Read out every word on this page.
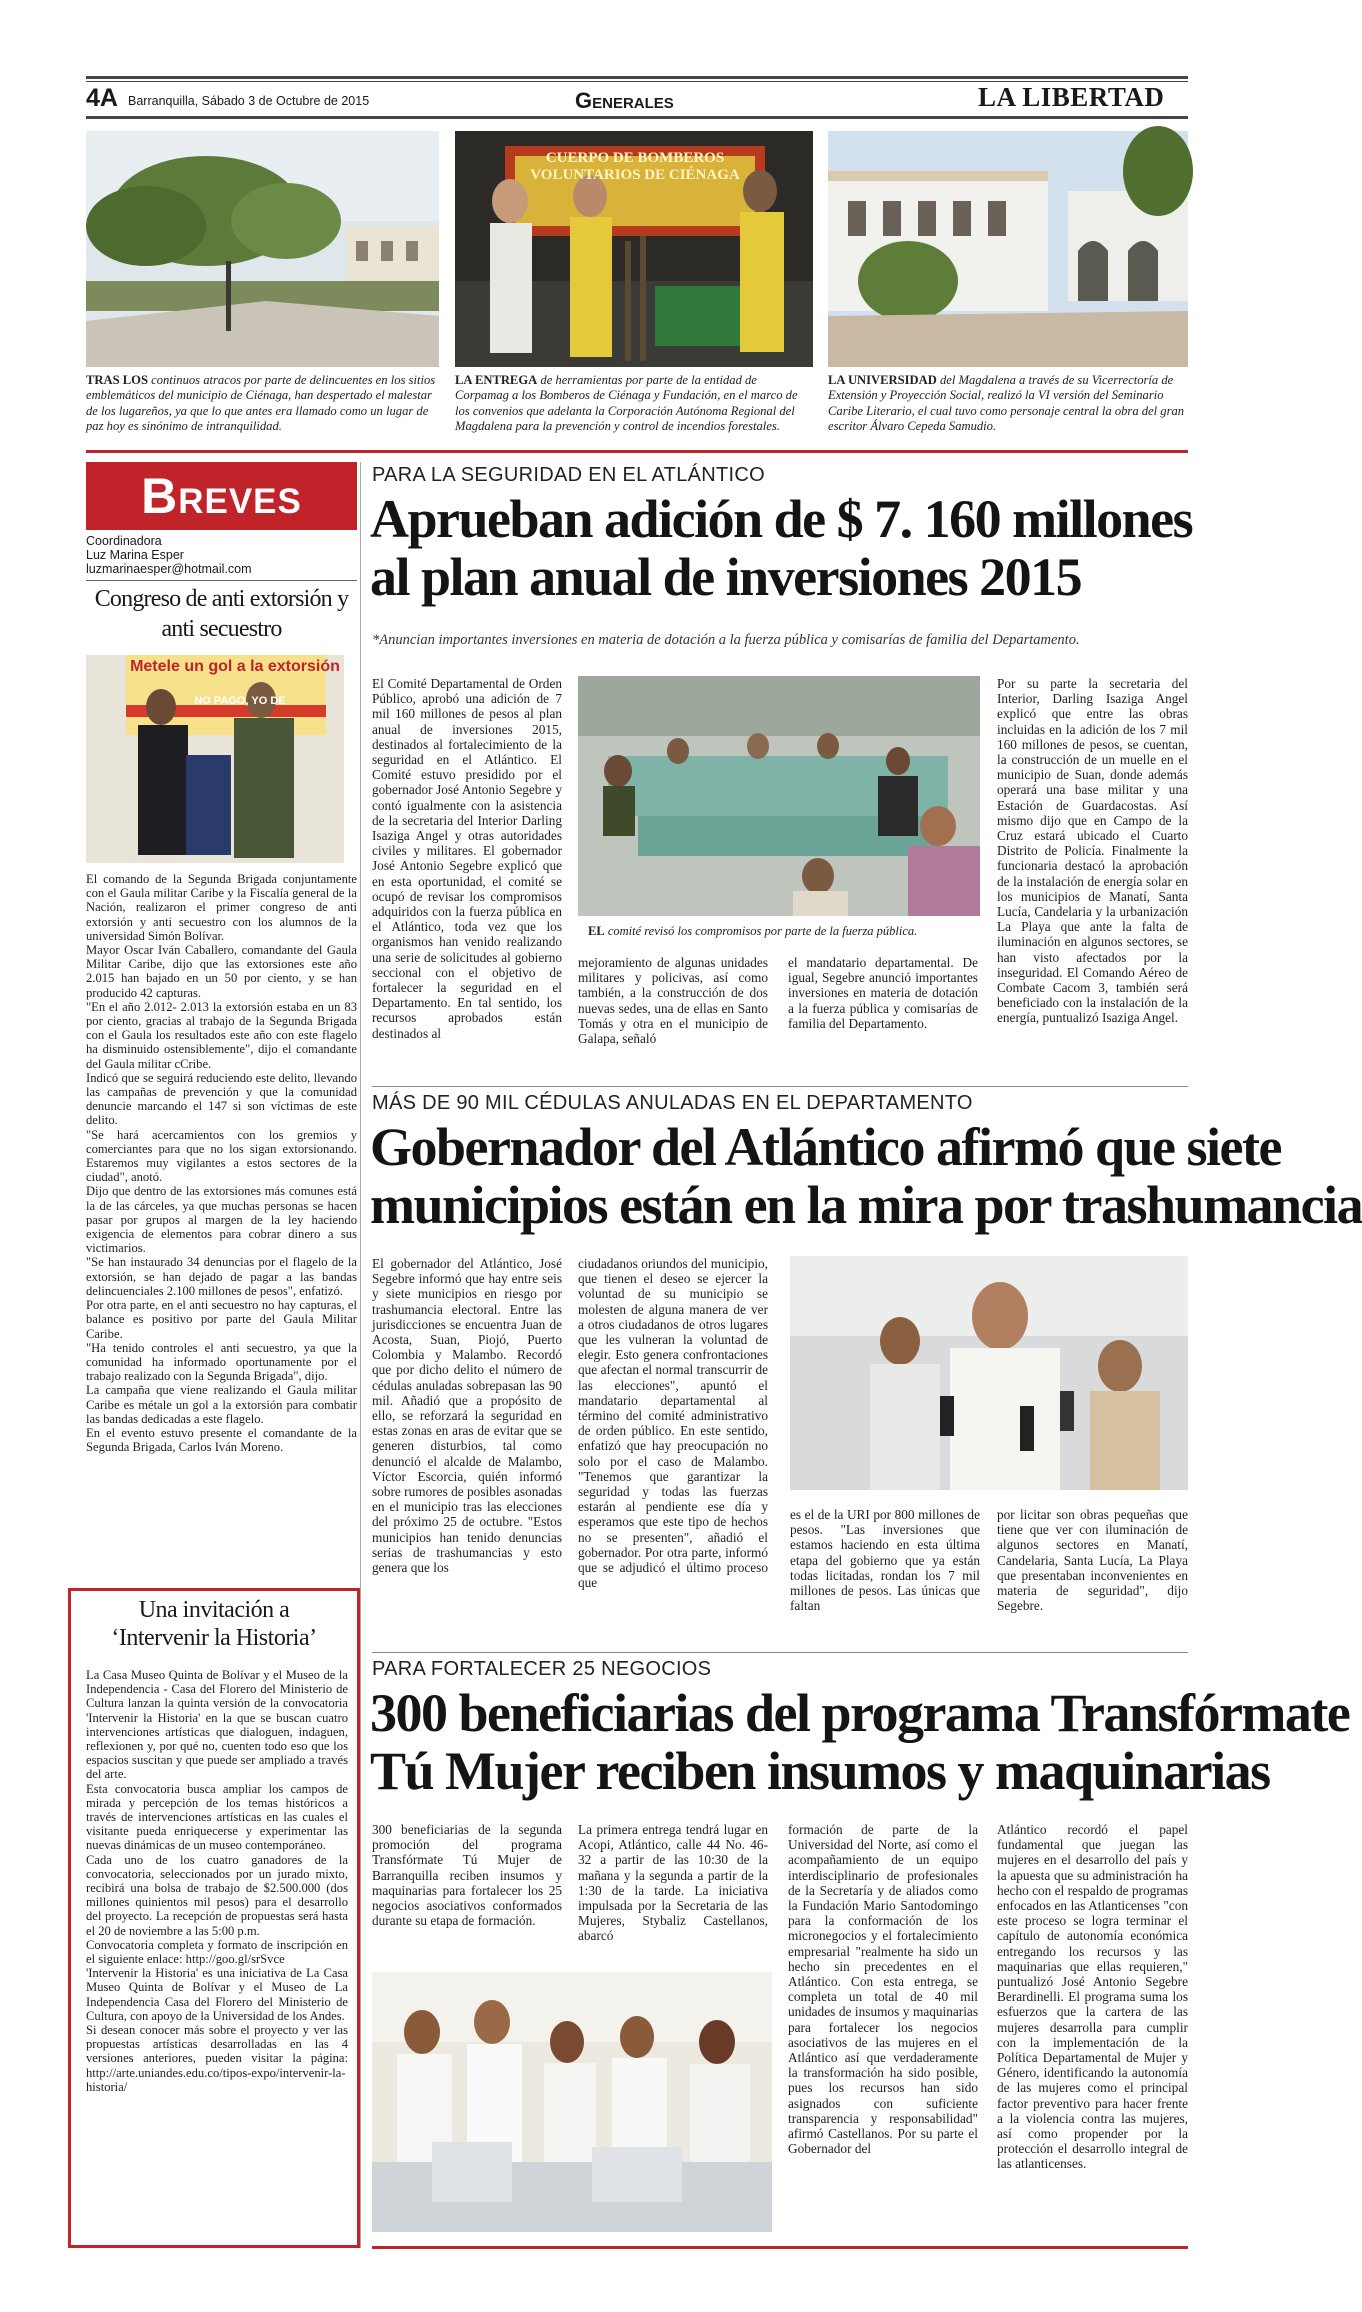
4A Barranquilla, Sábado 3 de Octubre de 2015	Generales	LA LIBERTAD
CUERPO DE BOMBEROS VOLUNTARIOS DE CIÉNAGA
TRAS LOS continuos atracos por parte de delincuentes en los sitios emblemáticos del municipio de Ciénaga, han despertado el malestar de los lugareños, ya que lo que antes era llamado como un lugar de paz hoy es sinónimo de intranquilidad.
LA ENTREGA de herramientas por parte de la entidad de Corpamag a los Bomberos de Ciénaga y Fundación, en el marco de los convenios que adelanta la Corporación Autónoma Regional del Magdalena para la prevención y control de incendios forestales.
LA UNIVERSIDAD del Magdalena a través de su Vicerrectoría de Extensión y Proyección Social, realizó la VI versión del Seminario Caribe Literario, el cual tuvo como personaje central la obra del gran escritor Álvaro Cepeda Samudio.
Breves
Coordinadora
Luz Marina Esper
luzmarinaesper@hotmail.com
Congreso de anti extorsión y anti secuestro
Metele un gol a la extorsión
NO PAGO, YO DE

El comando de la Segunda Brigada conjuntamente con el Gaula militar Caribe y la Fiscalía general de la Nación, realizaron el primer congreso de anti extorsión y anti secuestro con los alumnos de la universidad Simón Bolívar.

Mayor Oscar Iván Caballero, comandante del Gaula Militar Caribe, dijo que las extorsiones este año 2.015 han bajado en un 50 por ciento, y se han producido 42 capturas.

"En el año 2.012- 2.013 la extorsión estaba en un 83 por ciento, gracias al trabajo de la Segunda Brigada con el Gaula los resultados este año con este flagelo ha disminuido ostensiblemente", dijo el comandante del Gaula militar cCribe.

Indicó que se seguirá reduciendo este delito, llevando las campañas de prevención y que la comunidad denuncie marcando el 147 si son víctimas de este delito.

"Se hará acercamientos con los gremios y comerciantes para que no los sigan extorsionando. Estaremos muy vigilantes a estos sectores de la ciudad", anotó.

Dijo que dentro de las extorsiones más comunes está la de las cárceles, ya que muchas personas se hacen pasar por grupos al margen de la ley haciendo exigencia de elementos para cobrar dinero a sus victimarios.

"Se han instaurado 34 denuncias por el flagelo de la extorsión, se han dejado de pagar a las bandas delincuenciales 2.100 millones de pesos", enfatizó.

Por otra parte, en el anti secuestro no hay capturas, el balance es positivo por parte del Gaula Militar Caribe.

"Ha tenido controles el anti secuestro, ya que la comunidad ha informado oportunamente por el trabajo realizado con la Segunda Brigada", dijo.

La campaña que viene realizando el Gaula militar Caribe es métale un gol a la extorsión para combatir las bandas dedicadas a este flagelo.

En el evento estuvo presente el comandante de la Segunda Brigada, Carlos Iván Moreno.

Una invitación a
‘Intervenir la Historia’

La Casa Museo Quinta de Bolívar y el Museo de la Independencia - Casa del Florero del Ministerio de Cultura lanzan la quinta versión de la convocatoria 'Intervenir la Historia' en la que se buscan cuatro intervenciones artísticas que dialoguen, indaguen, reflexionen y, por qué no, cuenten todo eso que los espacios suscitan y que puede ser ampliado a través del arte.

Esta convocatoria busca ampliar los campos de mirada y percepción de los temas históricos a través de intervenciones artísticas en las cuales el visitante pueda enriquecerse y experimentar las nuevas dinámicas de un museo contemporáneo.

Cada uno de los cuatro ganadores de la convocatoria, seleccionados por un jurado mixto, recibirá una bolsa de trabajo de $2.500.000 (dos millones quinientos mil pesos) para el desarrollo del proyecto. La recepción de propuestas será hasta el 20 de noviembre a las 5:00 p.m.

Convocatoria completa y formato de inscripción en el siguiente enlace: http://goo.gl/srSvce

'Intervenir la Historia' es una iniciativa de La Casa Museo Quinta de Bolívar y el Museo de La Independencia Casa del Florero del Ministerio de Cultura, con apoyo de la Universidad de los Andes.

Si desean conocer más sobre el proyecto y ver las propuestas artísticas desarrolladas en las 4 versiones anteriores, pueden visitar la página: http://arte.uniandes.edu.co/tipos-expo/intervenir-la-historia/

PARA LA SEGURIDAD EN EL ATLÁNTICO
Aprueban adición de $ 7. 160 millones
al plan anual de inversiones 2015
*Anuncian importantes inversiones en materia de dotación a la fuerza pública y comisarías de familia del Departamento.
El Comité Departamental de Orden Público, aprobó una adición de 7 mil 160 millones de pesos al plan anual de inversiones 2015, destinados al fortalecimiento de la seguridad en el Atlántico. El Comité estuvo presidido por el gobernador José Antonio Segebre y contó igualmente con la asistencia de la secretaria del Interior Darling Isaziga Angel y otras autoridades civiles y militares. El gobernador José Antonio Segebre explicó que en esta oportunidad, el comité se ocupó de revisar los compromisos adquiridos con la fuerza pública en el Atlántico, toda vez que los organismos han venido realizando una serie de solicitudes al gobierno seccional con el objetivo de fortalecer la seguridad en el Departamento. En tal sentido, los recursos aprobados están destinados al
EL comité revisó los compromisos por parte de la fuerza pública.
mejoramiento de algunas unidades militares y policivas, así como también, a la construcción de dos nuevas sedes, una de ellas en Santo Tomás y otra en el municipio de Galapa, señaló
el mandatario departamental. De igual, Segebre anunció importantes inversiones en materia de dotación a la fuerza pública y comisarías de familia del Departamento.
Por su parte la secretaria del Interior, Darling Isaziga Angel explicó que entre las obras incluidas en la adición de los 7 mil 160 millones de pesos, se cuentan, la construcción de un muelle en el municipio de Suan, donde además operará una base militar y una Estación de Guardacostas. Así mismo dijo que en Campo de la Cruz estará ubicado el Cuarto Distrito de Policía. Finalmente la funcionaria destacó la aprobación de la instalación de energía solar en los municipios de Manatí, Santa Lucía, Candelaria y la urbanización La Playa que ante la falta de iluminación en algunos sectores, se han visto afectados por la inseguridad. El Comando Aéreo de Combate Cacom 3, también será beneficiado con la instalación de la energía, puntualizó Isaziga Angel.
MÁS DE 90 MIL CÉDULAS ANULADAS EN EL DEPARTAMENTO
Gobernador del Atlántico afirmó que siete
municipios están en la mira por trashumancia
El gobernador del Atlántico, José Segebre informó que hay entre seis y siete municipios en riesgo por trashumancia electoral. Entre las jurisdicciones se encuentra Juan de Acosta, Suan, Piojó, Puerto Colombia y Malambo. Recordó que por dicho delito el número de cédulas anuladas sobrepasan las 90 mil. Añadió que a propósito de ello, se reforzará la seguridad en estas zonas en aras de evitar que se generen disturbios, tal como denunció el alcalde de Malambo, Víctor Escorcia, quién informó sobre rumores de posibles asonadas en el municipio tras las elecciones del próximo 25 de octubre. "Estos municipios han tenido denuncias serias de trashumancias y esto genera que los
ciudadanos oriundos del municipio, que tienen el deseo se ejercer la voluntad de su municipio se molesten de alguna manera de ver a otros ciudadanos de otros lugares que les vulneran la voluntad de elegir. Esto genera confrontaciones que afectan el normal transcurrir de las elecciones", apuntó el mandatario departamental al término del comité administrativo de orden público. En este sentido, enfatizó que hay preocupación no solo por el caso de Malambo. "Tenemos que garantizar la seguridad y todas las fuerzas estarán al pendiente ese día y esperamos que este tipo de hechos no se presenten", añadió el gobernador. Por otra parte, informó que se adjudicó el último proceso que
es el de la URI por 800 millones de pesos. "Las inversiones que estamos haciendo en esta última etapa del gobierno que ya están todas licitadas, rondan los 7 mil millones de pesos. Las únicas que faltan
por licitar son obras pequeñas que tiene que ver con iluminación de algunos sectores en Manatí, Candelaria, Santa Lucía, La Playa que presentaban inconvenientes en materia de seguridad", dijo Segebre.
PARA FORTALECER 25 NEGOCIOS
300 beneficiarias del programa Transfórmate
Tú Mujer reciben insumos y maquinarias
300 beneficiarias de la segunda promoción del programa Transfórmate Tú Mujer de Barranquilla reciben insumos y maquinarias para fortalecer los 25 negocios asociativos conformados durante su etapa de formación.
La primera entrega tendrá lugar en Acopi, Atlántico, calle 44 No. 46-32 a partir de las 10:30 de la mañana y la segunda a partir de la 1:30 de la tarde. La iniciativa impulsada por la Secretaria de las Mujeres, Stybaliz Castellanos, abarcó
formación de parte de la Universidad del Norte, así como el acompañamiento de un equipo interdisciplinario de profesionales de la Secretaría y de aliados como la Fundación Mario Santodomingo para la conformación de los micronegocios y el fortalecimiento empresarial "realmente ha sido un hecho sin precedentes en el Atlántico. Con esta entrega, se completa un total de 40 mil unidades de insumos y maquinarias para fortalecer los negocios asociativos de las mujeres en el Atlántico así que verdaderamente la transformación ha sido posible, pues los recursos han sido asignados con suficiente transparencia y responsabilidad" afirmó Castellanos. Por su parte el Gobernador del
Atlántico recordó el papel fundamental que juegan las mujeres en el desarrollo del país y la apuesta que su administración ha hecho con el respaldo de programas enfocados en las Atlanticenses "con este proceso se logra terminar el capítulo de autonomía económica entregando los recursos y las maquinarias que ellas requieren," puntualizó José Antonio Segebre Berardinelli. El programa suma los esfuerzos que la cartera de las mujeres desarrolla para cumplir con la implementación de la Política Departamental de Mujer y Género, identificando la autonomía de las mujeres como el principal factor preventivo para hacer frente a la violencia contra las mujeres, así como propender por la protección el desarrollo integral de las atlanticenses.
